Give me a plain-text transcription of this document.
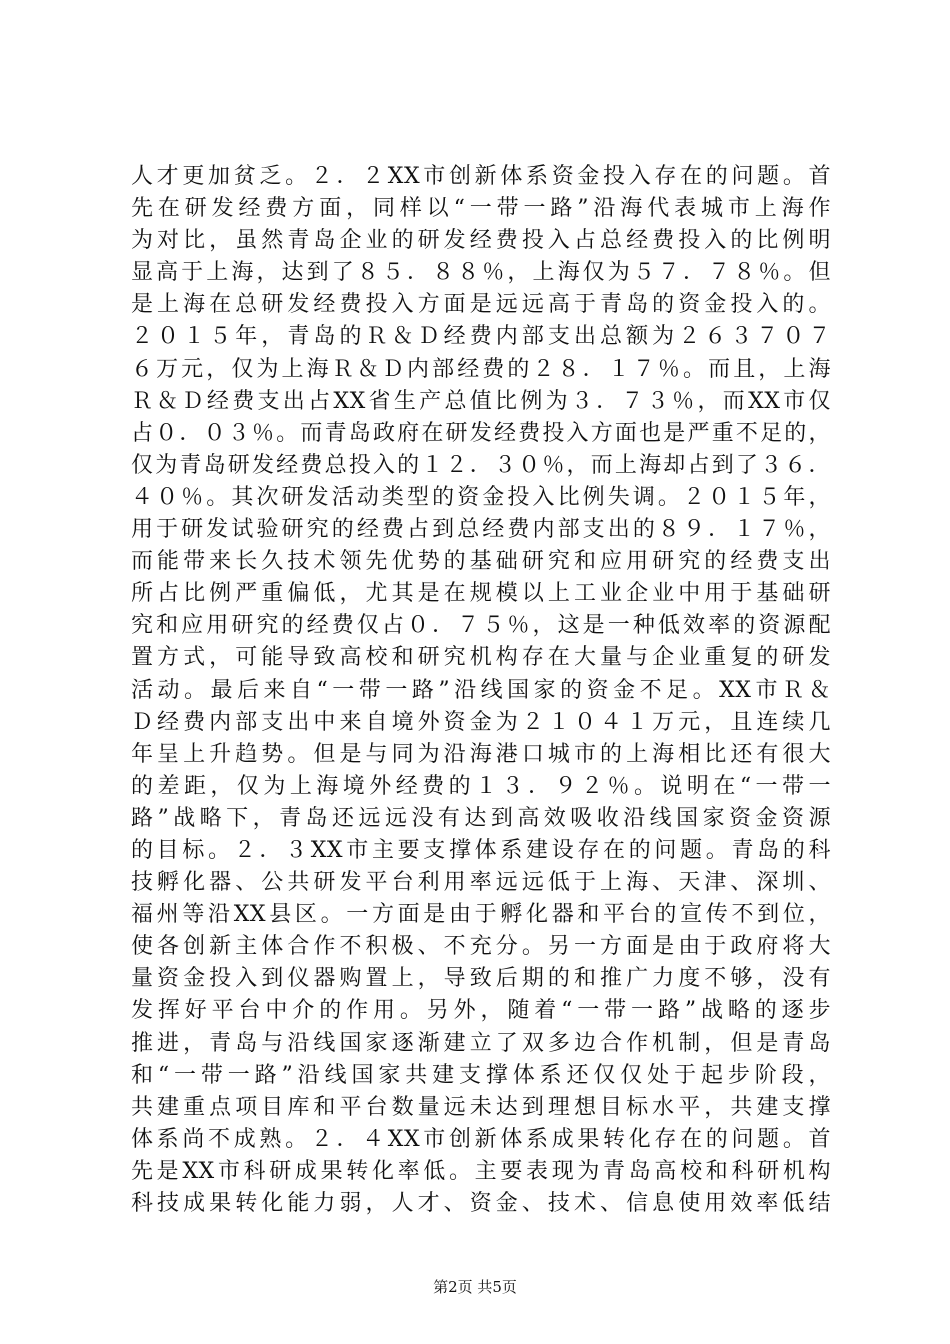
人才更加贫乏。２．２XX市创新体系资金投入存在的问题。首
先在研发经费方面，同样以“一带一路”沿海代表城市上海作
为对比，虽然青岛企业的研发经费投入占总经费投入的比例明
显高于上海，达到了８５．８８％，上海仅为５７．７８％。但
是上海在总研发经费投入方面是远远高于青岛的资金投入的。
２０１５年，青岛的Ｒ＆Ｄ经费内部支出总额为２６３７０７
６万元，仅为上海Ｒ＆Ｄ内部经费的２８．１７％。而且，上海
Ｒ＆Ｄ经费支出占XX省生产总值比例为３．７３％，而XX市仅
占０．０３％。而青岛政府在研发经费投入方面也是严重不足的，
仅为青岛研发经费总投入的１２．３０％，而上海却占到了３６．
４０％。其次研发活动类型的资金投入比例失调。２０１５年，
用于研发试验研究的经费占到总经费内部支出的８９．１７％，
而能带来长久技术领先优势的基础研究和应用研究的经费支出
所占比例严重偏低，尤其是在规模以上工业企业中用于基础研
究和应用研究的经费仅占０．７５％，这是一种低效率的资源配
置方式，可能导致高校和研究机构存在大量与企业重复的研发
活动。最后来自“一带一路”沿线国家的资金不足。XX市Ｒ＆
Ｄ经费内部支出中来自境外资金为２１０４１万元，且连续几
年呈上升趋势。但是与同为沿海港口城市的上海相比还有很大
的差距，仅为上海境外经费的１３．９２％。说明在“一带一
路”战略下，青岛还远远没有达到高效吸收沿线国家资金资源
的目标。２．３XX市主要支撑体系建设存在的问题。青岛的科
技孵化器、公共研发平台利用率远远低于上海、天津、深圳、
福州等沿XX县区。一方面是由于孵化器和平台的宣传不到位，
使各创新主体合作不积极、不充分。另一方面是由于政府将大
量资金投入到仪器购置上，导致后期的和推广力度不够，没有
发挥好平台中介的作用。另外，随着“一带一路”战略的逐步
推进，青岛与沿线国家逐渐建立了双多边合作机制，但是青岛
和“一带一路”沿线国家共建支撑体系还仅仅处于起步阶段，
共建重点项目库和平台数量远未达到理想目标水平，共建支撑
体系尚不成熟。２．４XX市创新体系成果转化存在的问题。首
先是XX市科研成果转化率低。主要表现为青岛高校和科研机构
科技成果转化能力弱，人才、资金、技术、信息使用效率低结
第2页 共5页
